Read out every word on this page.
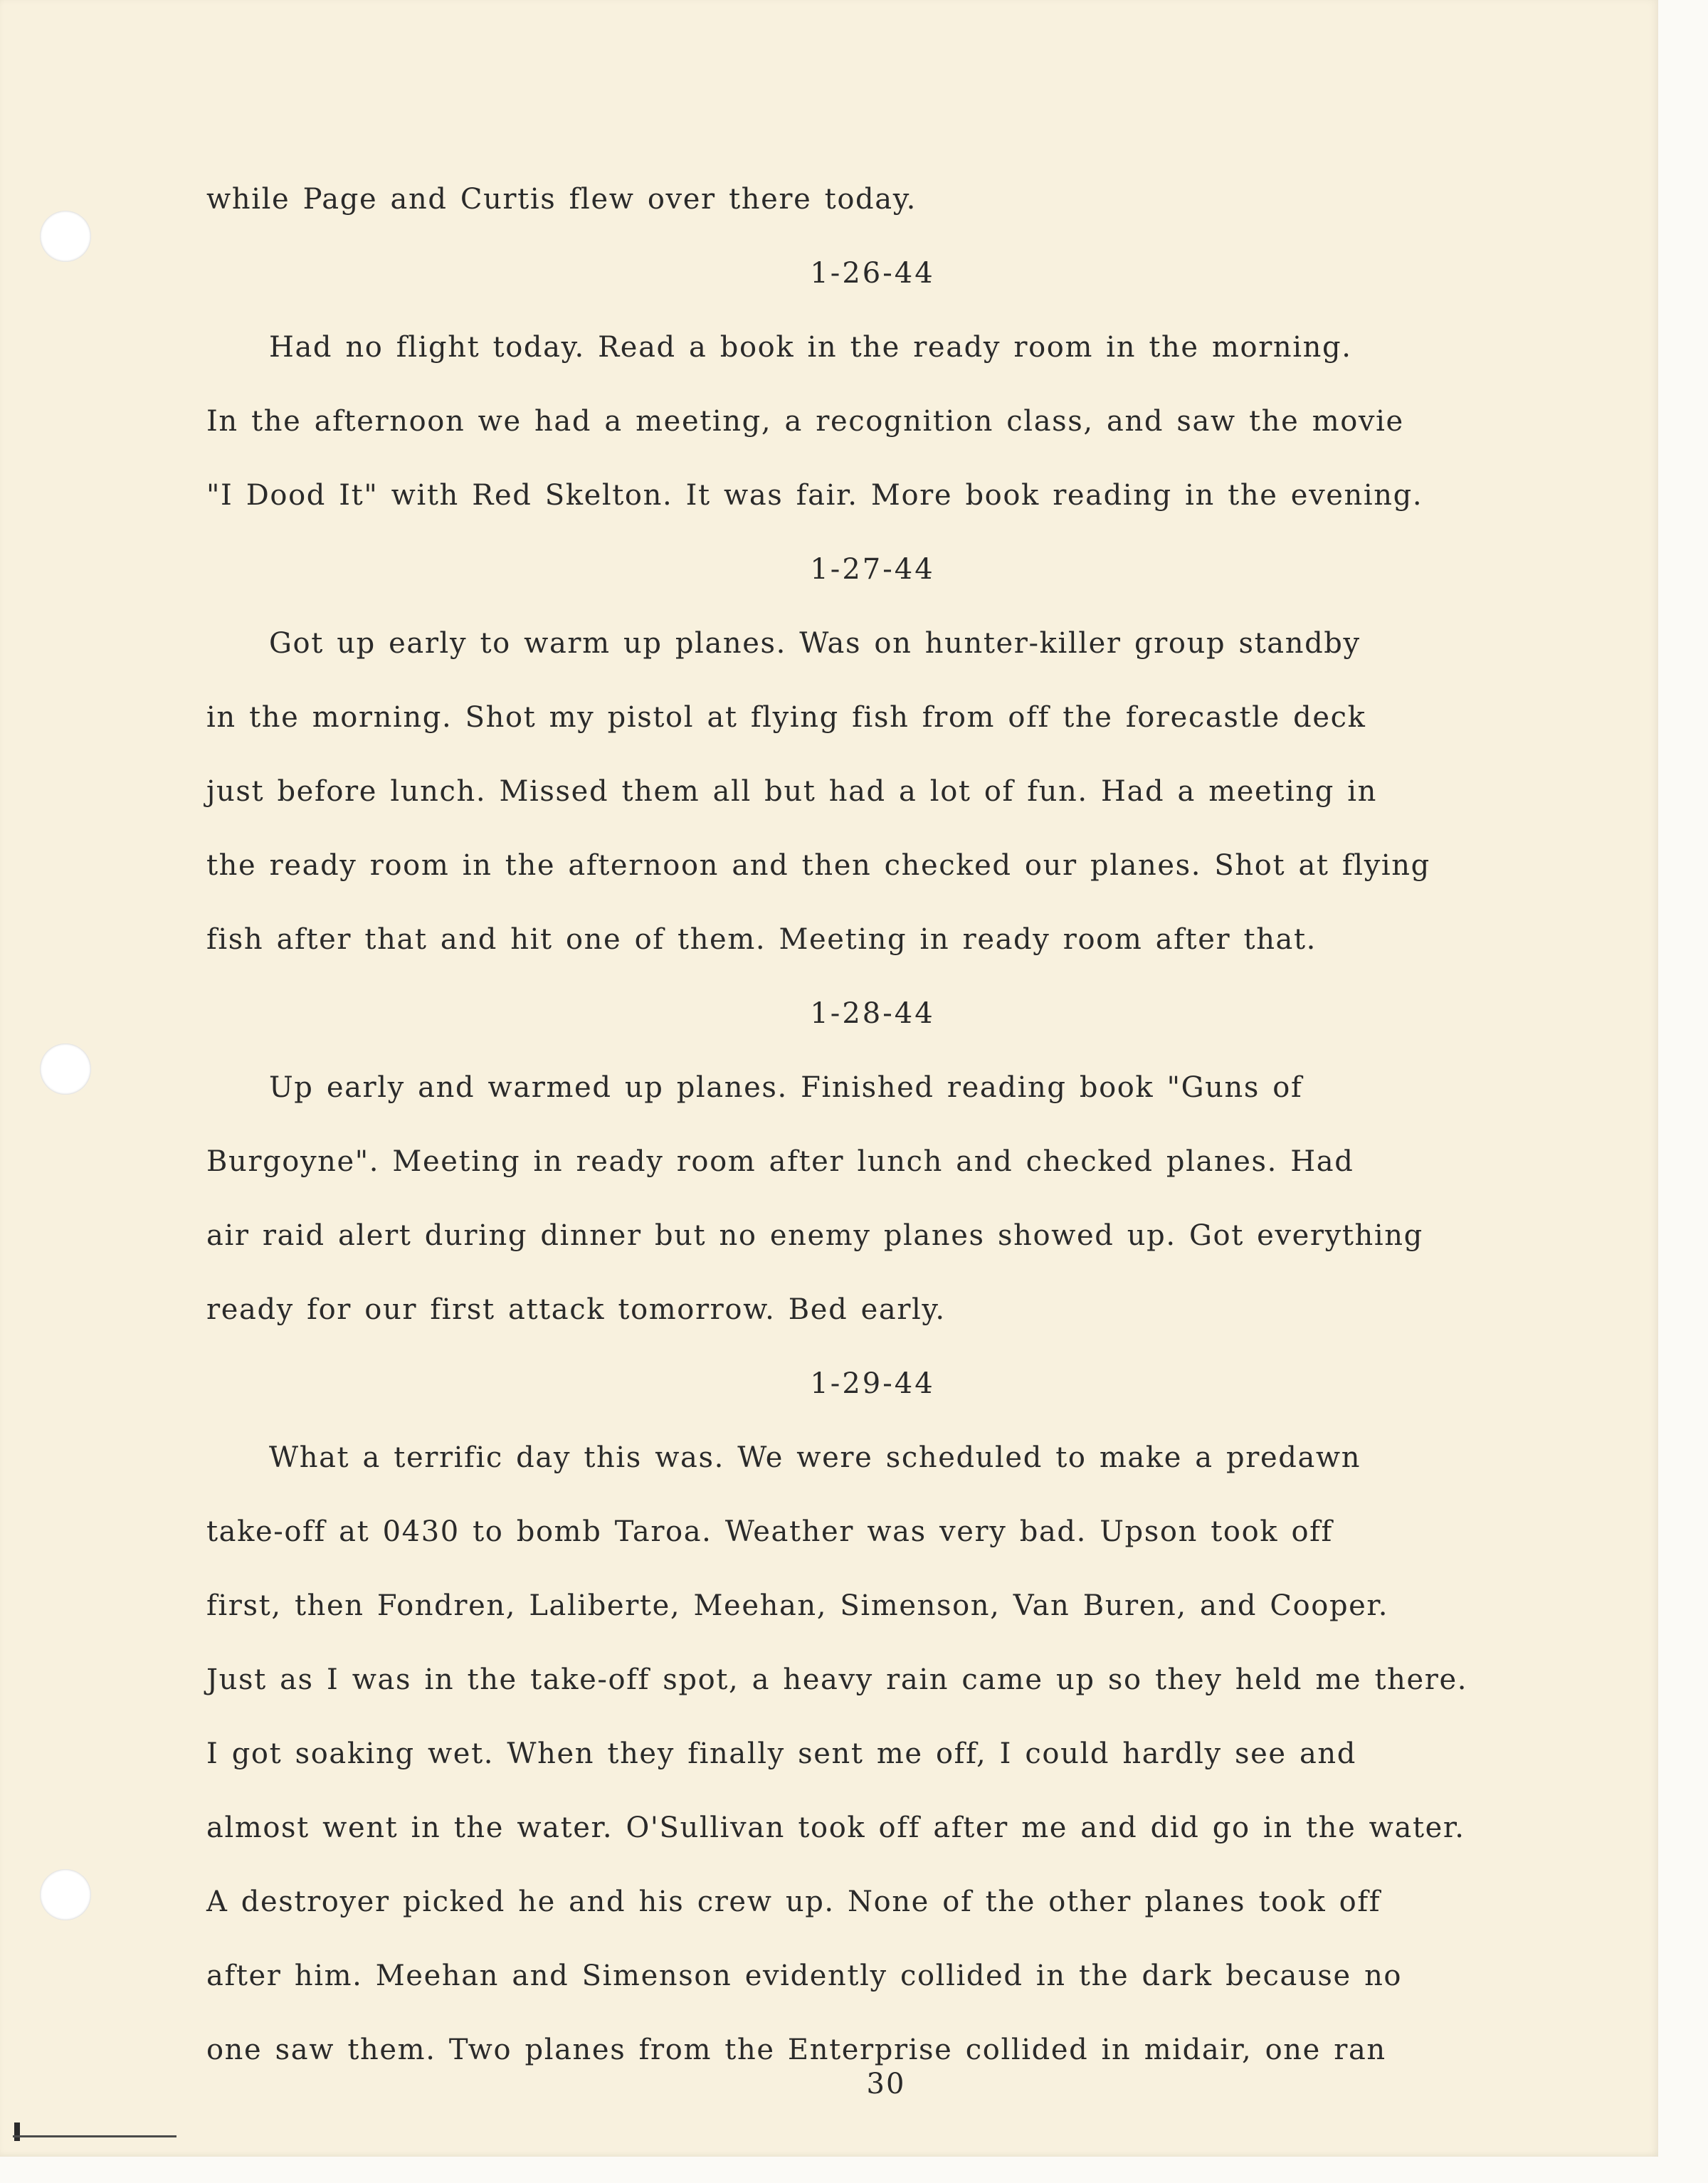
while Page and Curtis flew over there today.
1-26-44
Had no flight today. Read a book in the ready room in the morning.
In the afternoon we had a meeting, a recognition class, and saw the movie
"I Dood It" with Red Skelton. It was fair. More book reading in the evening.
1-27-44
Got up early to warm up planes. Was on hunter-killer group standby
in the morning. Shot my pistol at flying fish from off the forecastle deck
just before lunch. Missed them all but had a lot of fun. Had a meeting in
the ready room in the afternoon and then checked our planes. Shot at flying
fish after that and hit one of them. Meeting in ready room after that.
1-28-44
Up early and warmed up planes. Finished reading book "Guns of
Burgoyne". Meeting in ready room after lunch and checked planes. Had
air raid alert during dinner but no enemy planes showed up. Got everything
ready for our first attack tomorrow. Bed early.
1-29-44
What a terrific day this was. We were scheduled to make a predawn
take-off at 0430 to bomb Taroa. Weather was very bad. Upson took off
first, then Fondren, Laliberte, Meehan, Simenson, Van Buren, and Cooper.
Just as I was in the take-off spot, a heavy rain came up so they held me there.
I got soaking wet. When they finally sent me off, I could hardly see and
almost went in the water. O'Sullivan took off after me and did go in the water.
A destroyer picked he and his crew up. None of the other planes took off
after him. Meehan and Simenson evidently collided in the dark because no
one saw them. Two planes from the Enterprise collided in midair, one ran
30
